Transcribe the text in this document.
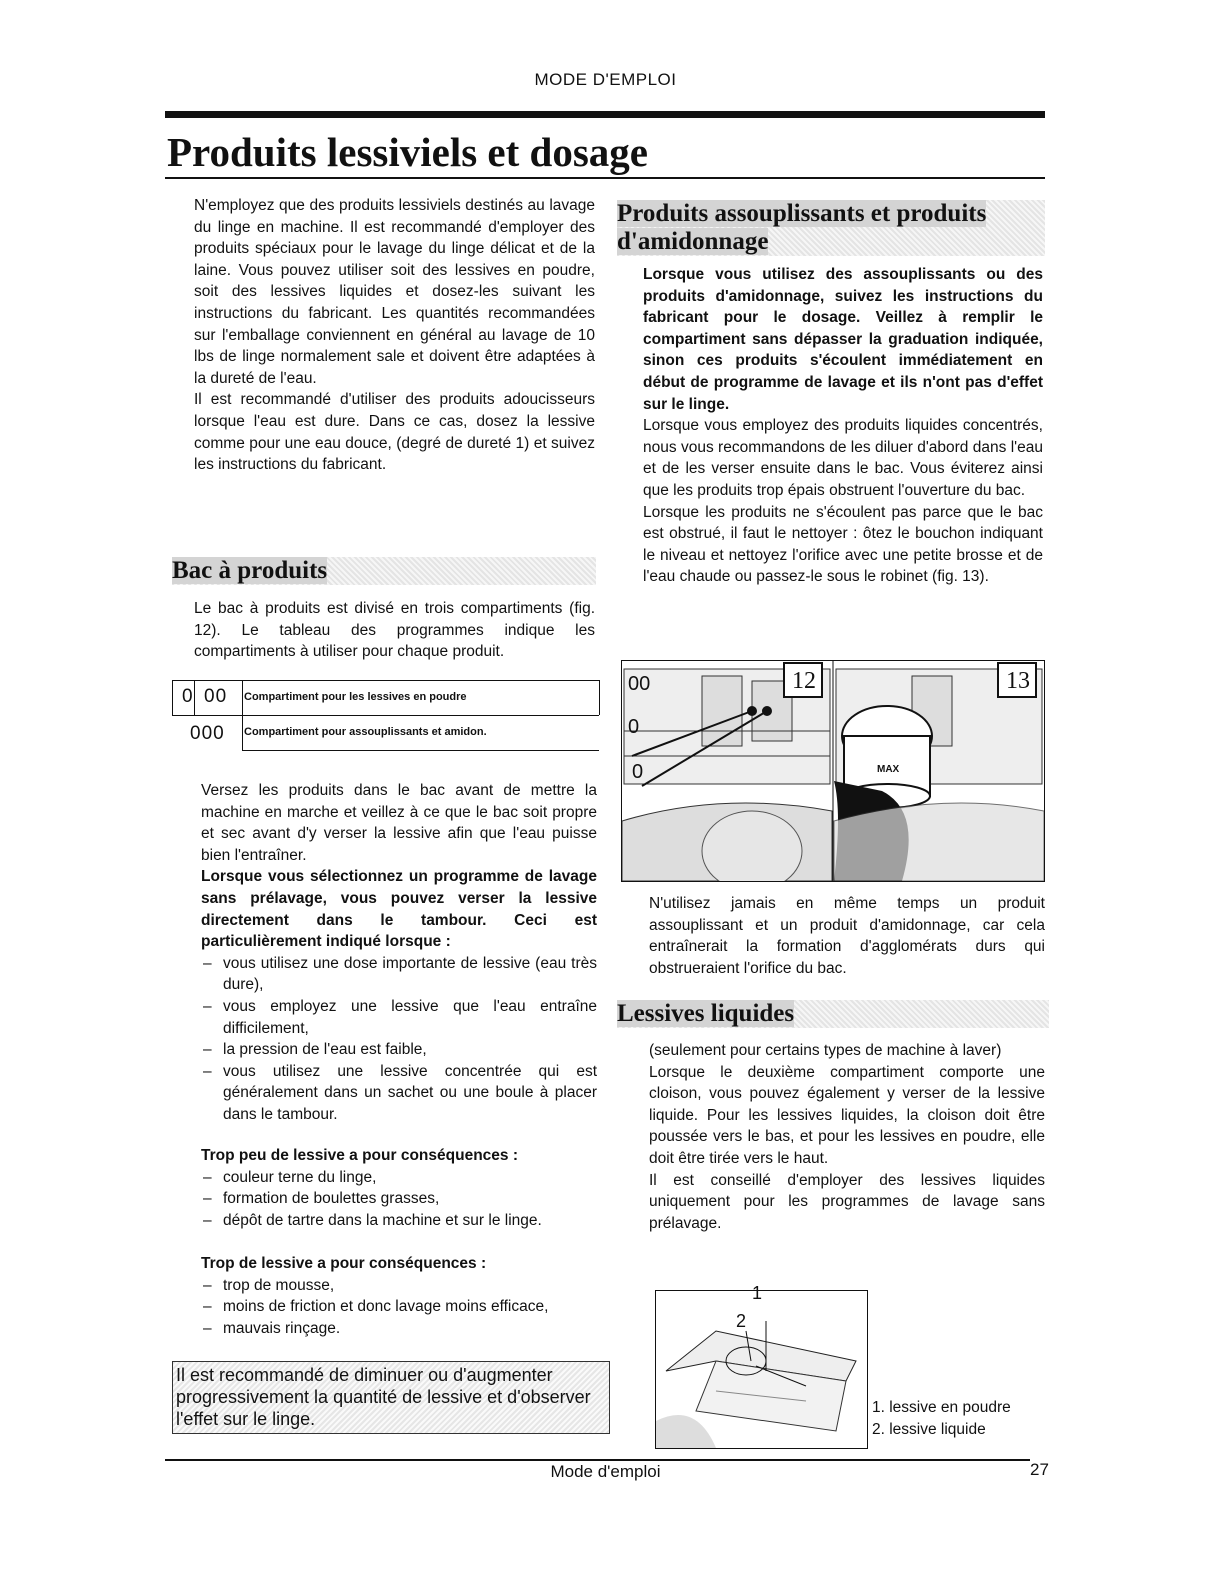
MODE D'EMPLOI
Produits lessiviels et dosage

N'employez que des produits lessiviels destinés au lavage du linge en machine. Il est recommandé d'employer des produits spéciaux pour le lavage du linge délicat et de la laine. Vous pouvez utiliser soit des lessives en poudre, soit des lessives liquides et dosez-les suivant les instructions du fabricant. Les quantités recommandées sur l'emballage conviennent en général au lavage de 10 lbs de linge normalement sale et doivent être adaptées à la dureté de l'eau.

Il est recommandé d'utiliser des produits adoucisseurs lorsque l'eau est dure. Dans ce cas, dosez la lessive comme pour une eau douce, (degré de dureté 1) et suivez les instructions du fabricant.

Bac à produits
Le bac à produits est divisé en trois compartiments (fig. 12). Le tableau des programmes indique les compartiments à utiliser pour chaque produit.
0 00 Compartiment pour les lessives en poudre
000 Compartiment pour assouplissants et amidon.

Versez les produits dans le bac avant de mettre la machine en marche et veillez à ce que le bac soit propre et sec avant d'y verser la lessive afin que l'eau puisse bien l'entraîner.

Lorsque vous sélectionnez un programme de lavage sans prélavage, vous pouvez verser la lessive directement dans le tambour. Ceci est particulièrement indiqué lorsque :

– vous utilisez une dose importante de lessive (eau très dure),
– vous employez une lessive que l'eau entraîne difficilement,
– la pression de l'eau est faible,
– vous utilisez une lessive concentrée qui est généralement dans un sachet ou une boule à placer dans le tambour.

Trop peu de lessive a pour conséquences :

– couleur terne du linge,
– formation de boulettes grasses,
– dépôt de tartre dans la machine et sur le linge.

Trop de lessive a pour conséquences :

– trop de mousse,
– moins de friction et donc lavage moins efficace,
– mauvais rinçage.
Il est recommandé de diminuer ou d'augmenter progressivement la quantité de lessive et d'observer l'effet sur le linge.
Produits assouplissants et produits
d'amidonnage

Lorsque vous utilisez des assouplissants ou des produits d'amidonnage, suivez les instructions du fabricant pour le dosage. Veillez à remplir le compartiment sans dépasser la graduation indiquée, sinon ces produits s'écoulent immédiatement en début de programme de lavage et ils n'ont pas d'effet sur le linge.

Lorsque vous employez des produits liquides concentrés, nous vous recommandons de les diluer d'abord dans l'eau et de les verser ensuite dans le bac. Vous éviterez ainsi que les produits trop épais obstruent l'ouverture du bac.

Lorsque les produits ne s'écoulent pas parce que le bac est obstrué, il faut le nettoyer : ôtez le bouchon indiquant le niveau et nettoyez l'orifice avec une petite brosse et de l'eau chaude ou passez-le sous le robinet (fig. 13).

00
0
0
12	13
MAX
N'utilisez jamais en même temps un produit assouplissant et un produit d'amidonnage, car cela entraînerait la formation d'agglomérats durs qui obstrueraient l'orifice du bac.
Lessives liquides

(seulement pour certains types de machine à laver)

Lorsque le deuxième compartiment comporte une cloison, vous pouvez également y verser de la lessive liquide. Pour les lessives liquides, la cloison doit être poussée vers le bas, et pour les lessives en poudre, elle doit être tirée vers le haut.

Il est conseillé d'employer des lessives liquides uniquement pour les programmes de lavage sans prélavage.

1
2
1. lessive en poudre
2. lessive liquide
Mode d'emploi	27
